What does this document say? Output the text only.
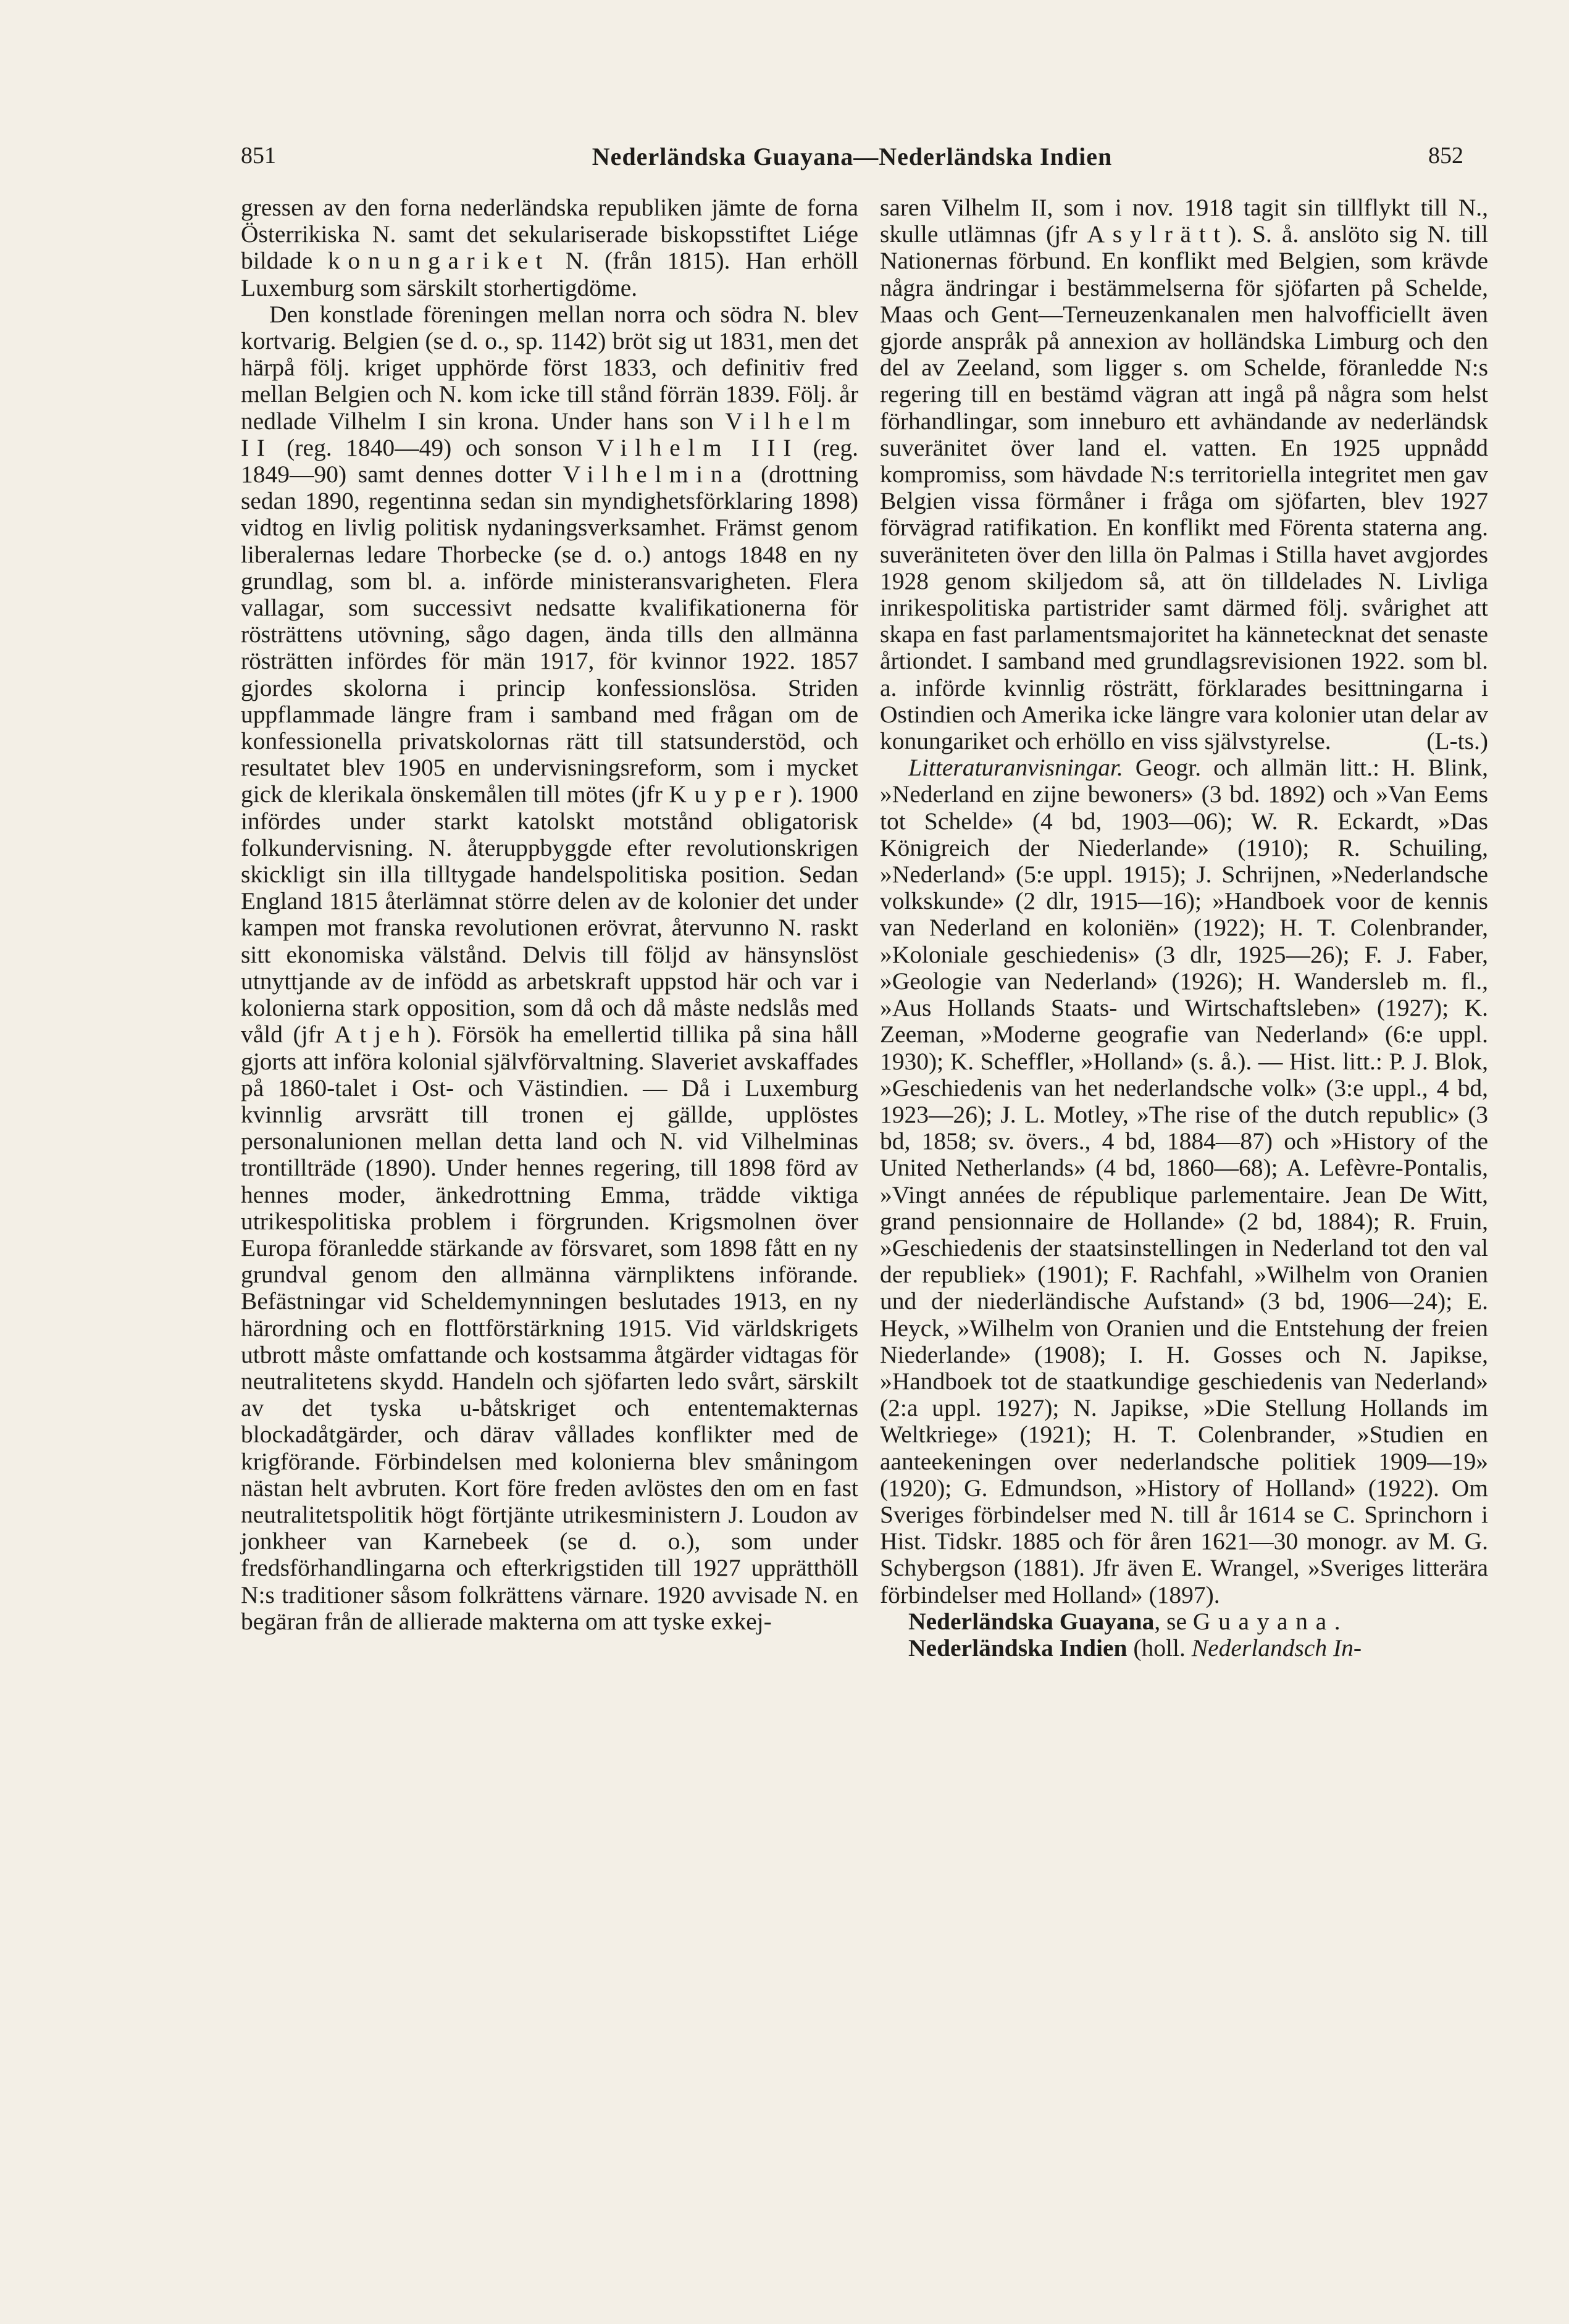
851	Nederländska Guayana—Nederländska Indien	852

gressen av den forna nederländska republiken jämte de forna Österrikiska N. samt det sekulariserade biskopsstiftet Liége bildade konungariket N. (från 1815). Han erhöll Luxemburg som särskilt storhertigdöme.

Den konstlade föreningen mellan norra och södra N. blev kortvarig. Belgien (se d. o., sp. 1142) bröt sig ut 1831, men det härpå följ. kriget upphörde först 1833, och definitiv fred mellan Belgien och N. kom icke till stånd förrän 1839. Följ. år nedlade Vilhelm I sin krona. Under hans son Vilhelm II (reg. 1840—49) och sonson Vilhelm III (reg. 1849—90) samt dennes dotter Vilhelmina (drottning sedan 1890, regentinna sedan sin myndighetsförklaring 1898) vidtog en livlig politisk nydaningsverksamhet. Främst genom liberalernas ledare Thorbecke (se d. o.) antogs 1848 en ny grundlag, som bl. a. införde ministeransvarigheten. Flera vallagar, som successivt nedsatte kvalifikationerna för rösträttens utövning, sågo dagen, ända tills den allmänna rösträtten infördes för män 1917, för kvinnor 1922. 1857 gjordes skolorna i princip konfessionslösa. Striden uppflammade längre fram i samband med frågan om de konfessionella privatskolornas rätt till statsunderstöd, och resultatet blev 1905 en undervisningsreform, som i mycket gick de klerikala önskemålen till mötes (jfr Kuyper). 1900 infördes under starkt katolskt motstånd obligatorisk folkundervisning. N. återuppbyggde efter revolutionskrigen skickligt sin illa tilltygade handelspolitiska position. Sedan England 1815 återlämnat större delen av de kolonier det under kampen mot franska revolutionen erövrat, återvunno N. raskt sitt ekonomiska välstånd. Delvis till följd av hänsynslöst utnyttjande av de infödd as arbetskraft uppstod här och var i kolonierna stark opposition, som då och då måste nedslås med våld (jfr Atjeh). Försök ha emellertid tillika på sina håll gjorts att införa kolonial självförvaltning. Slaveriet avskaffades på 1860-talet i Ost- och Västindien. — Då i Luxemburg kvinnlig arvsrätt till tronen ej gällde, upplöstes personalunionen mellan detta land och N. vid Vilhelminas trontillträde (1890). Under hennes regering, till 1898 förd av hennes moder, änkedrottning Emma, trädde viktiga utrikespolitiska problem i förgrunden. Krigsmolnen över Europa föranledde stärkande av försvaret, som 1898 fått en ny grundval genom den allmänna värnpliktens införande. Befästningar vid Scheldemynningen beslutades 1913, en ny härordning och en flottförstärkning 1915. Vid världskrigets utbrott måste omfattande och kostsamma åtgärder vidtagas för neutralitetens skydd. Handeln och sjöfarten ledo svårt, särskilt av det tyska u-båtskriget och ententemakternas blockadåtgärder, och därav vållades konflikter med de krigförande. Förbindelsen med kolonierna blev småningom nästan helt avbruten. Kort före freden avlöstes den om en fast neutralitetspolitik högt förtjänte utrikesministern J. Loudon av jonkheer van Karnebeek (se d. o.), som under fredsförhandlingarna och efterkrigstiden till 1927 upprätthöll N:s traditioner såsom folkrättens värnare. 1920 avvisade N. en begäran från de allierade makterna om att tyske exkej-

saren Vilhelm II, som i nov. 1918 tagit sin tillflykt till N., skulle utlämnas (jfr Asylrätt). S. å. anslöto sig N. till Nationernas förbund. En konflikt med Belgien, som krävde några ändringar i bestämmelserna för sjöfarten på Schelde, Maas och Gent—Terneuzenkanalen men halvofficiellt även gjorde anspråk på annexion av holländska Limburg och den del av Zeeland, som ligger s. om Schelde, föranledde N:s regering till en bestämd vägran att ingå på några som helst förhandlingar, som inneburo ett avhändande av nederländsk suveränitet över land el. vatten. En 1925 uppnådd kompromiss, som hävdade N:s territoriella integritet men gav Belgien vissa förmåner i fråga om sjöfarten, blev 1927 förvägrad ratifikation. En konflikt med Förenta staterna ang. suveräniteten över den lilla ön Palmas i Stilla havet avgjordes 1928 genom skiljedom så, att ön tilldelades N. Livliga inrikespolitiska partistrider samt därmed följ. svårighet att skapa en fast parlamentsmajoritet ha kännetecknat det senaste årtiondet. I samband med grundlagsrevisionen 1922. som bl. a. införde kvinnlig rösträtt, förklarades besittningarna i Ostindien och Amerika icke längre vara kolonier utan delar av konungariket och erhöllo en viss självstyrelse.	(L-ts.)

Litteraturanvisningar. Geogr. och allmän litt.: H. Blink, »Nederland en zijne bewoners» (3 bd. 1892) och »Van Eems tot Schelde» (4 bd, 1903—06); W. R. Eckardt, »Das Königreich der Niederlande» (1910); R. Schuiling, »Nederland» (5:e uppl. 1915); J. Schrijnen, »Nederlandsche volkskunde» (2 dlr, 1915—16); »Handboek voor de kennis van Nederland en koloniën» (1922); H. T. Colenbrander, »Koloniale geschiedenis» (3 dlr, 1925—26); F. J. Faber, »Geologie van Nederland» (1926); H. Wandersleb m. fl., »Aus Hollands Staats- und Wirtschaftsleben» (1927); K. Zeeman, »Moderne geografie van Nederland» (6:e uppl. 1930); K. Scheffler, »Holland» (s. å.). — Hist. litt.: P. J. Blok, »Geschiedenis van het nederlandsche volk» (3:e uppl., 4 bd, 1923—26); J. L. Motley, »The rise of the dutch republic» (3 bd, 1858; sv. övers., 4 bd, 1884—87) och »History of the United Netherlands» (4 bd, 1860—68); A. Lefèvre-Pontalis, »Vingt années de république parlementaire. Jean De Witt, grand pensionnaire de Hollande» (2 bd, 1884); R. Fruin, »Geschiedenis der staatsinstellingen in Nederland tot den val der republiek» (1901); F. Rachfahl, »Wilhelm von Oranien und der niederländische Aufstand» (3 bd, 1906—24); E. Heyck, »Wilhelm von Oranien und die Entstehung der freien Niederlande» (1908); I. H. Gosses och N. Japikse, »Handboek tot de staatkundige geschiedenis van Nederland» (2:a uppl. 1927); N. Japikse, »Die Stellung Hollands im Weltkriege» (1921); H. T. Colenbrander, »Studien en aanteekeningen over nederlandsche politiek 1909—19» (1920); G. Edmundson, »History of Holland» (1922). Om Sveriges förbindelser med N. till år 1614 se C. Sprinchorn i Hist. Tidskr. 1885 och för åren 1621—30 monogr. av M. G. Schybergson (1881). Jfr även E. Wrangel, »Sveriges litterära förbindelser med Holland» (1897).

Nederländska Guayana, se Guayana.

Nederländska Indien (holl. Nederlandsch In-
